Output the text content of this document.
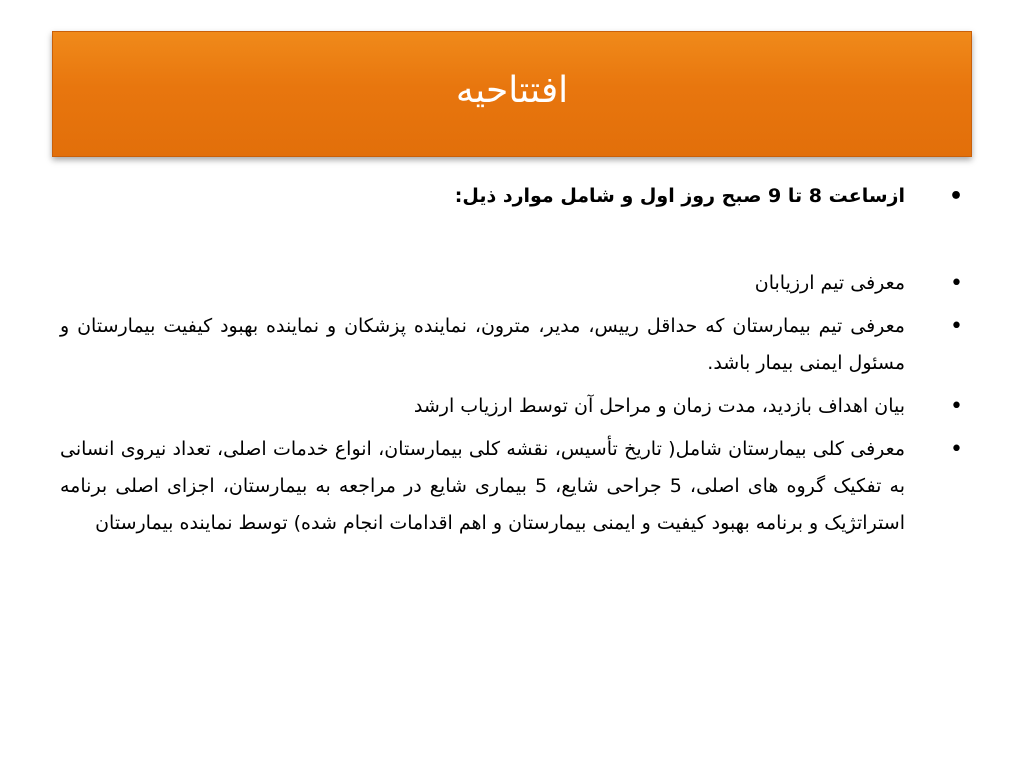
افتتاحیه
•
ازساعت 8 تا 9 صبح روز اول و شامل موارد ذیل:
•
معرفی تیم ارزیابان
•
معرفی تیم بیمارستان که حداقل رییس، مدیر، مترون، نماینده پزشکان و نماینده بهبود کیفیت بیمارستان و مسئول ایمنی بیمار باشد.
•
بیان اهداف بازدید، مدت زمان و مراحل آن توسط ارزیاب ارشد
•
معرفی کلی بیمارستان شامل( تاریخ تأسیس، نقشه کلی بیمارستان، انواع خدمات اصلی، تعداد نیروی انسانی به تفکیک گروه های اصلی، 5 جراحی شایع، 5 بیماری شایع در مراجعه به بیمارستان، اجزای اصلی برنامه استراتژیک و برنامه بهبود کیفیت و ایمنی بیمارستان و اهم اقدامات انجام شده) توسط نماینده بیمارستان
